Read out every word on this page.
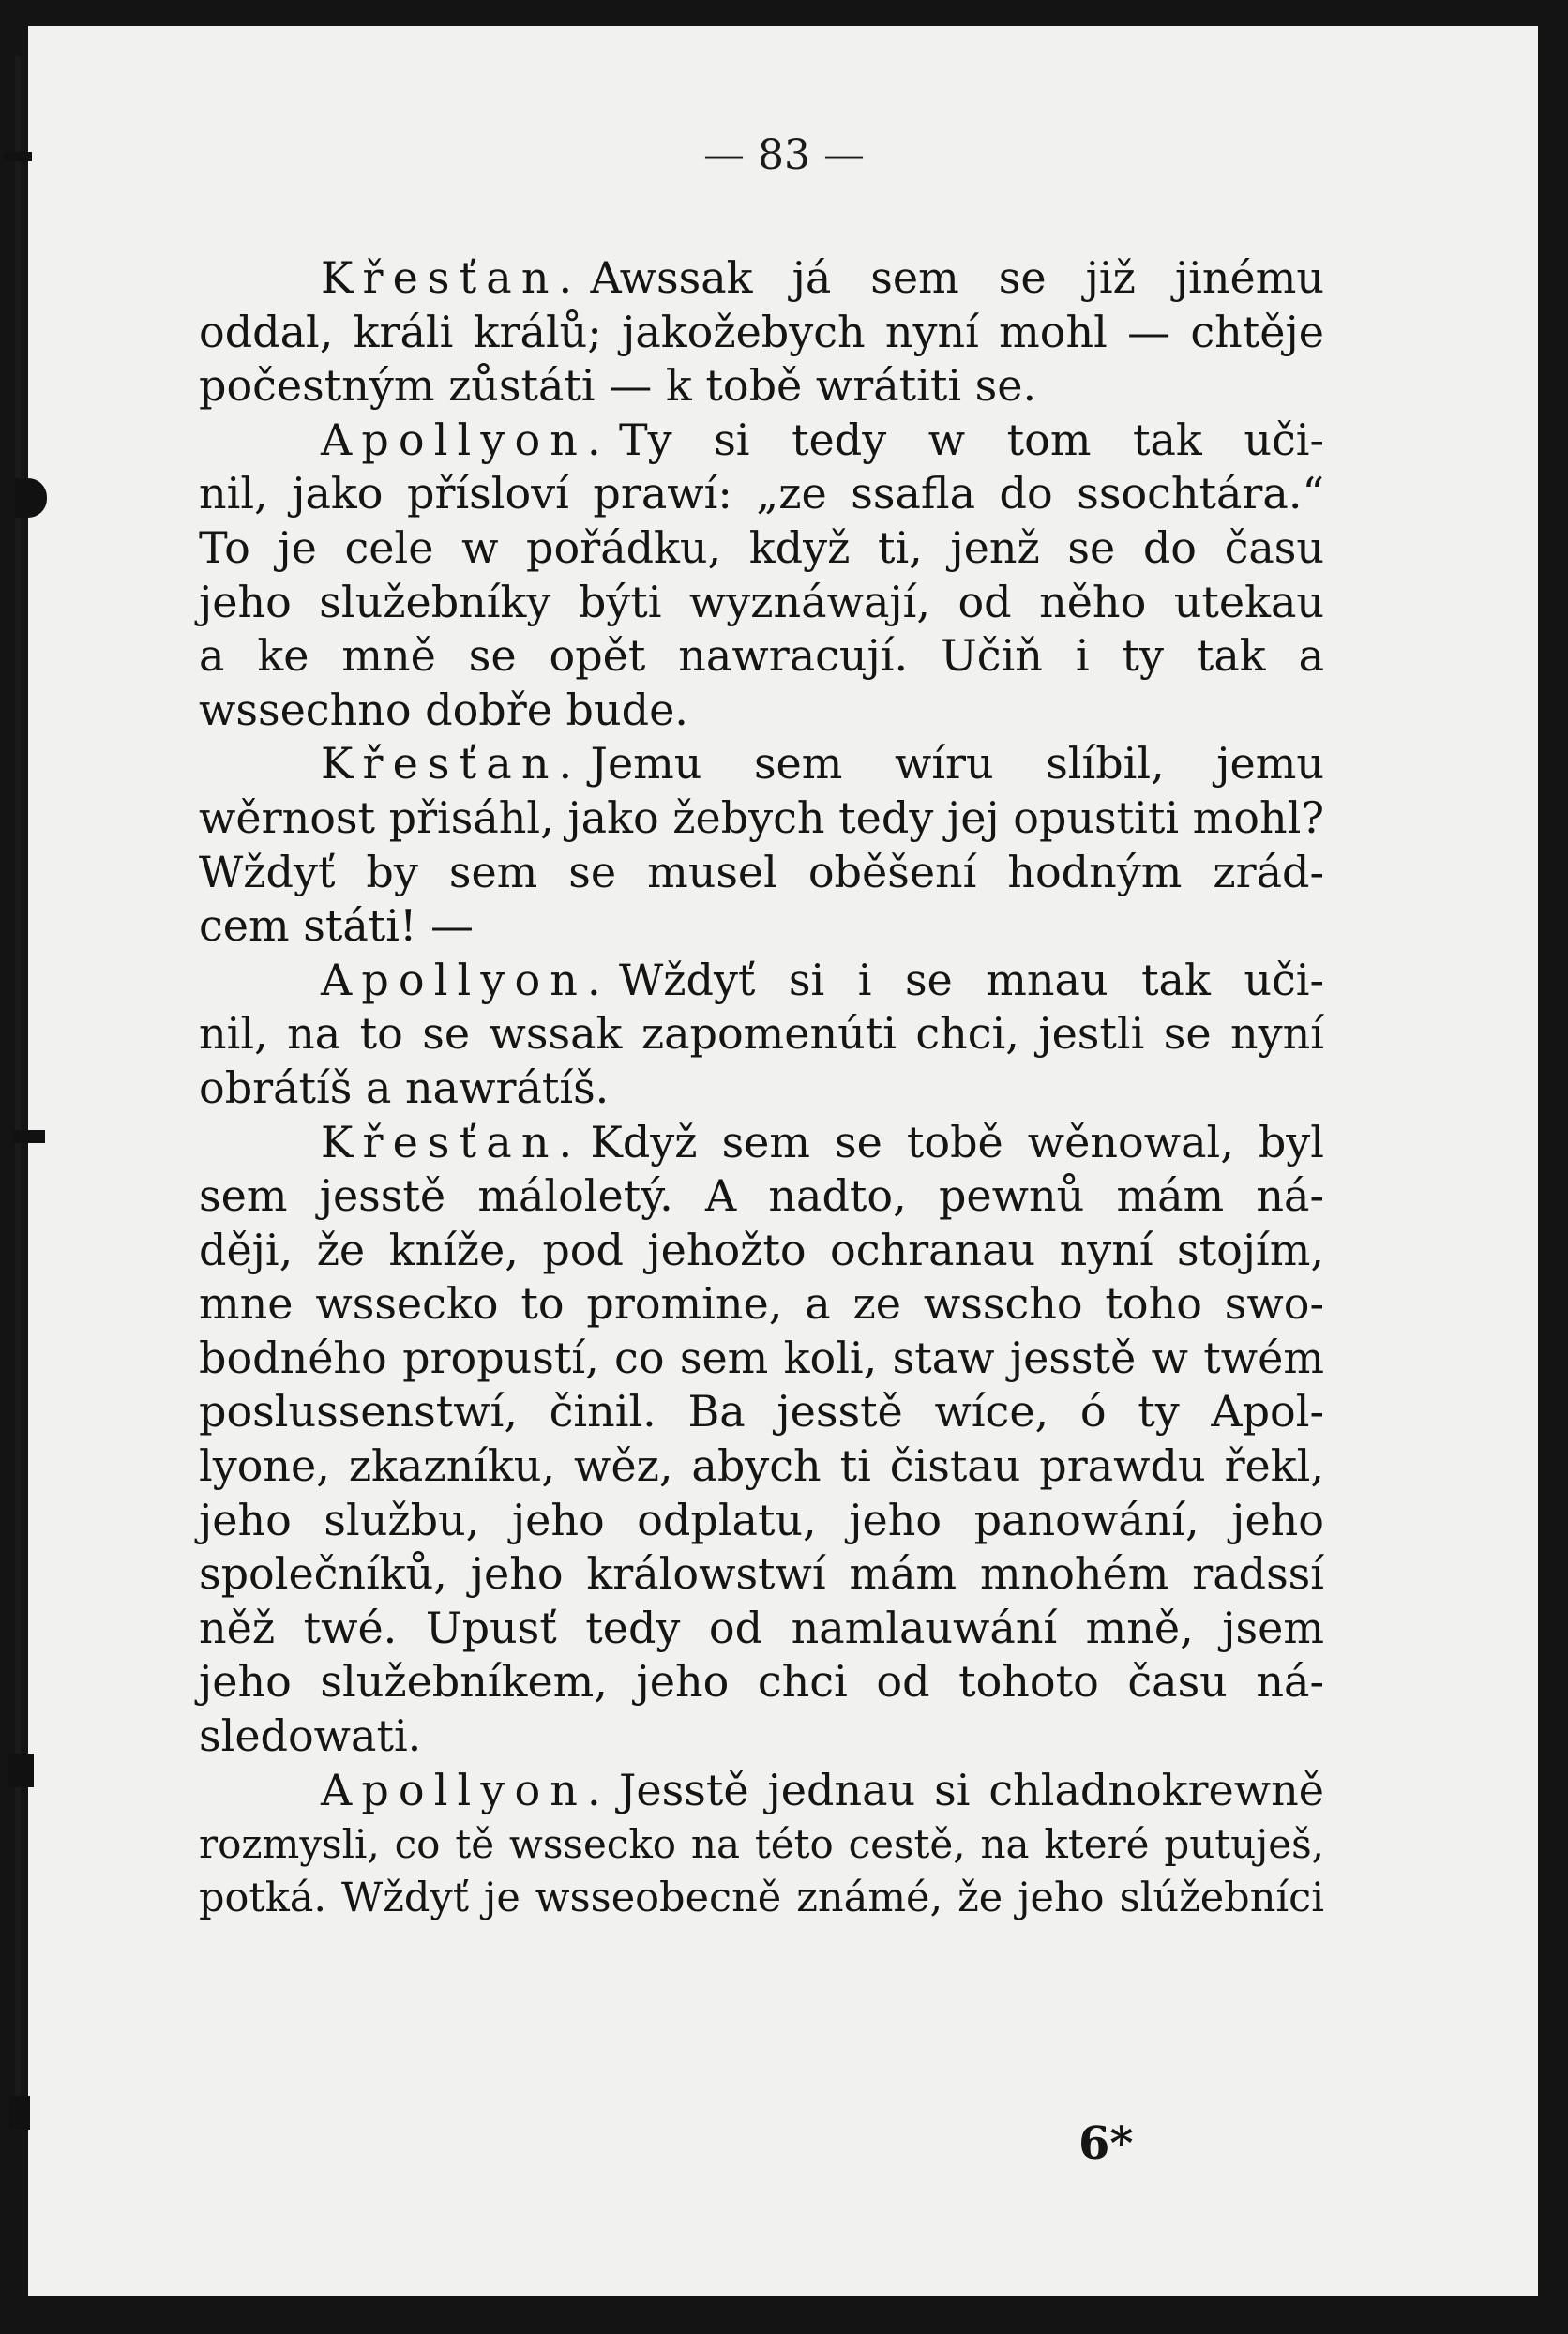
— 83 —
Křesťan. Awssak já sem se již jinému
oddal, králi králů; jakožebych nyní mohl — chtěje
počestným zůstáti — k tobě wrátiti se.
Apollyon. Ty si tedy w tom tak uči-
nil, jako přísloví prawí: „ze ssafla do ssochtára.“
To je cele w pořádku, když ti, jenž se do času
jeho služebníky býti wyznáwají, od něho utekau
a ke mně se opět nawracují. Učiň i ty tak a
wssechno dobře bude.
Křesťan. Jemu sem wíru slíbil, jemu
wěrnost přisáhl, jako žebych tedy jej opustiti mohl?
Wždyť by sem se musel oběšení hodným zrád-
cem státi! —
Apollyon. Wždyť si i se mnau tak uči-
nil, na to se wssak zapomenúti chci, jestli se nyní
obrátíš a nawrátíš.
Křesťan. Když sem se tobě wěnowal, byl
sem jesstě máloletý. A nadto, pewnů mám ná-
ději, že kníže, pod jehožto ochranau nyní stojím,
mne wssecko to promine, a ze wsscho toho swo-
bodného propustí, co sem koli, staw jesstě w twém
poslussenstwí, činil. Ba jesstě wíce, ó ty Apol-
lyone, zkazníku, wěz, abych ti čistau prawdu řekl,
jeho službu, jeho odplatu, jeho panowání, jeho
společníků, jeho králowstwí mám mnohém radssí
něž twé. Upusť tedy od namlauwání mně, jsem
jeho služebníkem, jeho chci od tohoto času ná-
sledowati.
Apollyon. Jesstě jednau si chladnokrewně
rozmysli, co tě wssecko na této cestě, na které putuješ,
potká. Wždyť je wsseobecně známé, že jeho slúžebníci
6*
